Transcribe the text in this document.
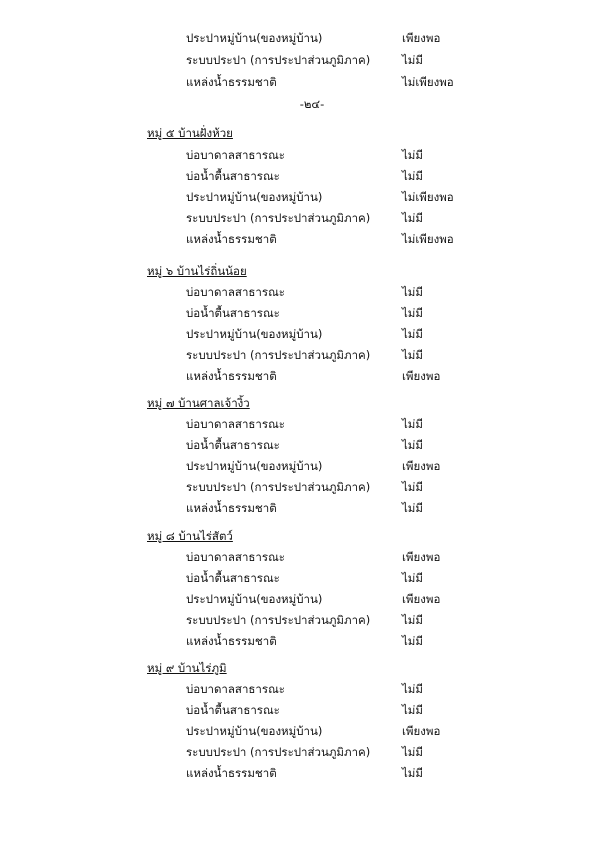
ประปาหมู่บ้าน(ของหมู่บ้าน)	เพียงพอ
ระบบประปา (การประปาส่วนภูมิภาค)	ไม่มี
แหล่งน้ำธรรมชาติ	ไม่เพียงพอ
-๒๔-
หมู่ ๕ บ้านฝั่งห้วย
บ่อบาดาลสาธารณะ	ไม่มี
บ่อน้ำตื้นสาธารณะ	ไม่มี
ประปาหมู่บ้าน(ของหมู่บ้าน)	ไม่เพียงพอ
ระบบประปา (การประปาส่วนภูมิภาค)	ไม่มี
แหล่งน้ำธรรมชาติ	ไม่เพียงพอ
หมู่ ๖ บ้านไร่ถิ่นน้อย
บ่อบาดาลสาธารณะ	ไม่มี
บ่อน้ำตื้นสาธารณะ	ไม่มี
ประปาหมู่บ้าน(ของหมู่บ้าน)	ไม่มี
ระบบประปา (การประปาส่วนภูมิภาค)	ไม่มี
แหล่งน้ำธรรมชาติ	เพียงพอ
หมู่ ๗ บ้านศาลเจ้างิ้ว
บ่อบาดาลสาธารณะ	ไม่มี
บ่อน้ำตื้นสาธารณะ	ไม่มี
ประปาหมู่บ้าน(ของหมู่บ้าน)	เพียงพอ
ระบบประปา (การประปาส่วนภูมิภาค)	ไม่มี
แหล่งน้ำธรรมชาติ	ไม่มี
หมู่ ๘ บ้านไร่สัตว์
บ่อบาดาลสาธารณะ	เพียงพอ
บ่อน้ำตื้นสาธารณะ	ไม่มี
ประปาหมู่บ้าน(ของหมู่บ้าน)	เพียงพอ
ระบบประปา (การประปาส่วนภูมิภาค)	ไม่มี
แหล่งน้ำธรรมชาติ	ไม่มี
หมู่ ๙ บ้านไร่ภูมิ
บ่อบาดาลสาธารณะ	ไม่มี
บ่อน้ำตื้นสาธารณะ	ไม่มี
ประปาหมู่บ้าน(ของหมู่บ้าน)	เพียงพอ
ระบบประปา (การประปาส่วนภูมิภาค)	ไม่มี
แหล่งน้ำธรรมชาติ	ไม่มี
